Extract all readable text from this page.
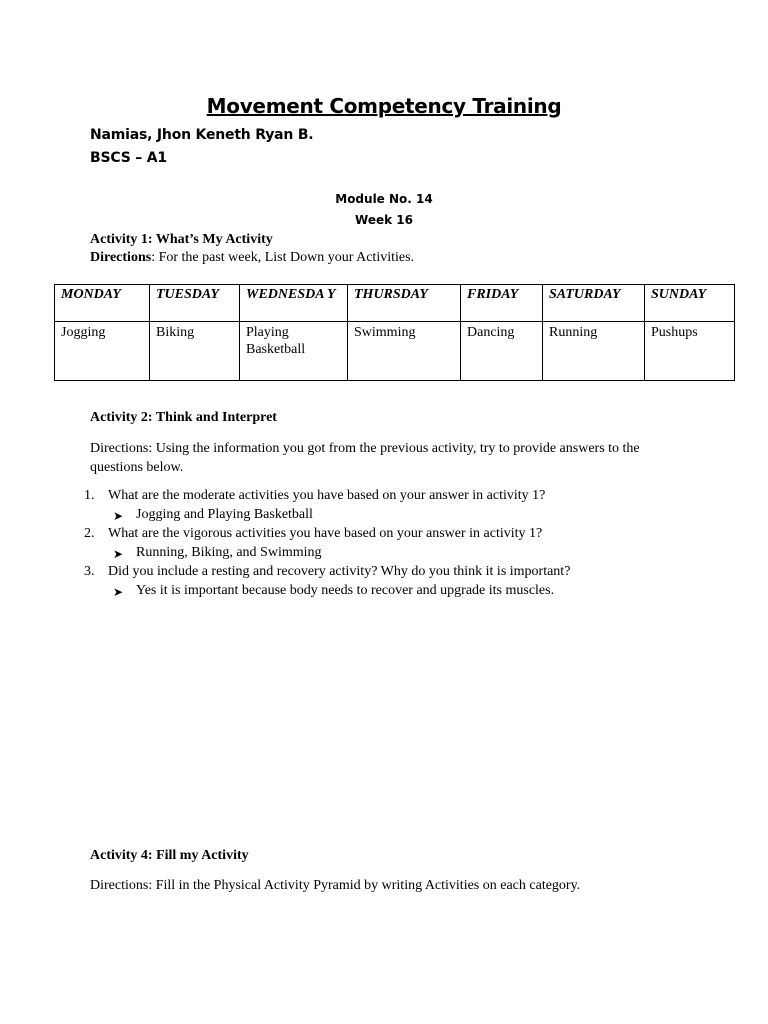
Movement Competency Training
Namias, Jhon Keneth Ryan B.
BSCS – A1
Module No. 14
Week 16
Activity 1: What’s My Activity
Directions: For the past week, List Down your Activities.
MONDAY	TUESDAY	WEDNESDA Y	THURSDAY	FRIDAY	SATURDAY	SUNDAY
Jogging	Biking	Playing Basketball	Swimming	Dancing	Running	Pushups
Activity 2: Think and Interpret
Directions: Using the information you got from the previous activity, try to provide answers to the questions below.
1. What are the moderate activities you have based on your answer in activity 1?
➤ Jogging and Playing Basketball
2. What are the vigorous activities you have based on your answer in activity 1?
➤ Running, Biking, and Swimming
3. Did you include a resting and recovery activity? Why do you think it is important?
➤ Yes it is important because body needs to recover and upgrade its muscles.
Activity 4: Fill my Activity
Directions: Fill in the Physical Activity Pyramid by writing Activities on each category.
